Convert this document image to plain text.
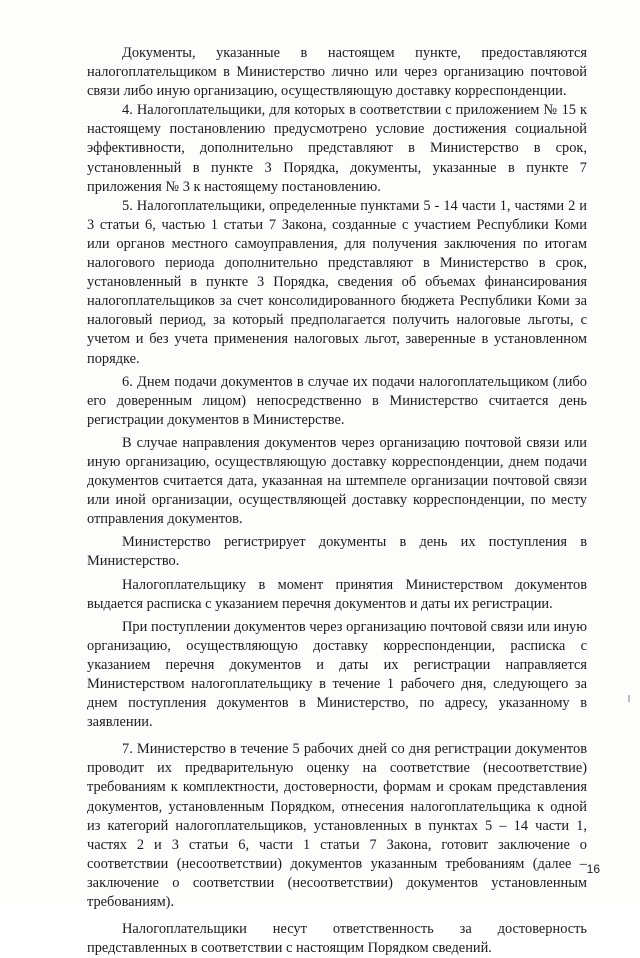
Документы, указанные в настоящем пункте, предоставляются налогоплательщиком в Министерство лично или через организацию почтовой связи либо иную организацию, осуществляющую доставку корреспонденции.

4. Налогоплательщики, для которых в соответствии с приложением № 15 к настоящему постановлению предусмотрено условие достижения социальной эффективности, дополнительно представляют в Министерство в срок, установленный в пункте 3 Порядка, документы, указанные в пункте 7 приложения № 3 к настоящему постановлению.

5. Налогоплательщики, определенные пунктами 5 - 14 части 1, частями 2 и 3 статьи 6, частью 1 статьи 7 Закона, созданные с участием Республики Коми или органов местного самоуправления, для получения заключения по итогам налогового периода дополнительно представляют в Министерство в срок, установленный в пункте 3 Порядка, сведения об объемах финансирования налогоплательщиков за счет консолидированного бюджета Республики Коми за налоговый период, за который предполагается получить налоговые льготы, с учетом и без учета применения налоговых льгот, заверенные в установленном порядке.

6. Днем подачи документов в случае их подачи налогоплательщиком (либо его доверенным лицом) непосредственно в Министерство считается день регистрации документов в Министерстве.

В случае направления документов через организацию почтовой связи или иную организацию, осуществляющую доставку корреспонденции, днем подачи документов считается дата, указанная на штемпеле организации почтовой связи или иной организации, осуществляющей доставку корреспонденции, по месту отправления документов.

Министерство регистрирует документы в день их поступления в Министерство.

Налогоплательщику в момент принятия Министерством документов выдается расписка с указанием перечня документов и даты их регистрации.

При поступлении документов через организацию почтовой связи или иную организацию, осуществляющую доставку корреспонденции, расписка с указанием перечня документов и даты их регистрации направляется Министерством налогоплательщику в течение 1 рабочего дня, следующего за днем поступления документов в Министерство, по адресу, указанному в заявлении.

7. Министерство в течение 5 рабочих дней со дня регистрации документов проводит их предварительную оценку на соответствие (несоответствие) требованиям к комплектности, достоверности, формам и срокам представления документов, установленным Порядком, отнесения налогоплательщика к одной из категорий налогоплательщиков, установленных в пунктах 5 – 14 части 1, частях 2 и 3 статьи 6, части 1 статьи 7 Закона, готовит заключение о соответствии (несоответствии) документов указанным требованиям (далее – заключение о соответствии (несоответствии) документов установленным требованиям).

Налогоплательщики несут ответственность за достоверность представленных в соответствии с настоящим Порядком сведений.

16
